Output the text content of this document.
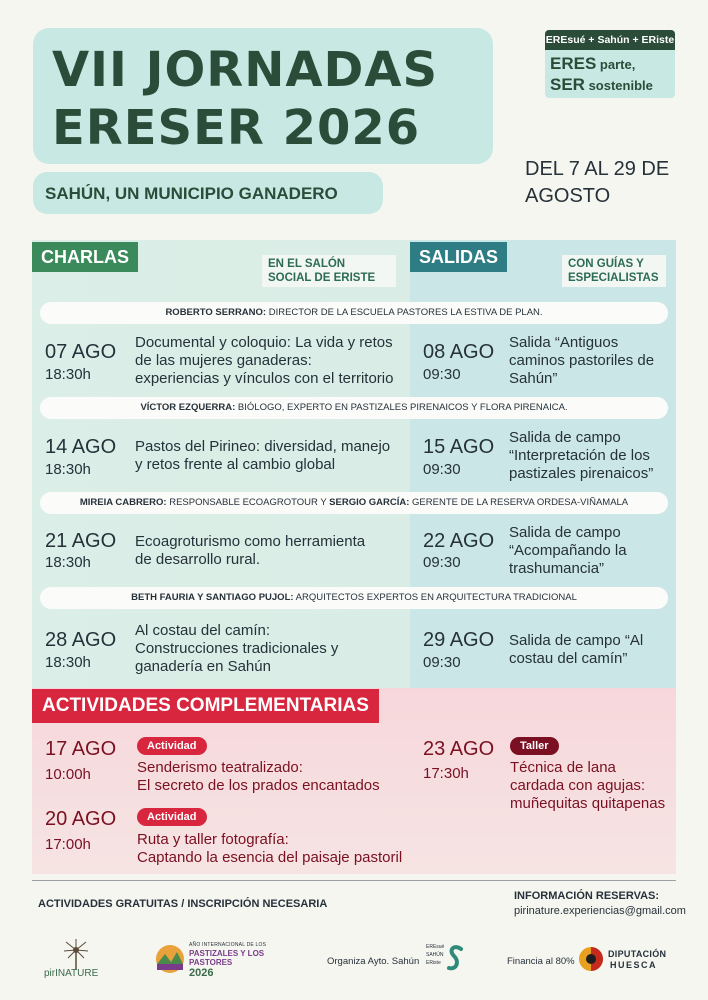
VII JORNADAS
ERESER 2026
SAHÚN, UN MUNICIPIO GANADERO
EREsué + Sahún + ERiste
ERES parte,
SER sostenible
DEL 7 AL 29 DE AGOSTO
CHARLAS	EN EL SALÓN SOCIAL DE ERISTE
SALIDAS	CON GUÍAS Y ESPECIALISTAS
ROBERTO SERRANO: DIRECTOR DE LA ESCUELA PASTORES LA ESTIVA DE PLAN.
07 AGO
18:30h
Documental y coloquio: La vida y retos de las mujeres ganaderas: experiencias y vínculos con el territorio
08 AGO
09:30
Salida “Antiguos caminos pastoriles de Sahún”
VÍCTOR EZQUERRA: BIÓLOGO, EXPERTO EN PASTIZALES PIRENAICOS Y FLORA PIRENAICA.
14 AGO
18:30h
Pastos del Pirineo: diversidad, manejo y retos frente al cambio global
15 AGO
09:30
Salida de campo “Interpretación de los pastizales pirenaicos”
MIREIA CABRERO: RESPONSABLE ECOAGROTOUR Y SERGIO GARCÍA: GERENTE DE LA RESERVA ORDESA-VIÑAMALA
21 AGO
18:30h
Ecoagroturismo como herramienta de desarrollo rural.
22 AGO
09:30
Salida de campo “Acompañando la trashumancia”
BETH FAURIA Y SANTIAGO PUJOL: ARQUITECTOS EXPERTOS EN ARQUITECTURA TRADICIONAL
28 AGO
18:30h
Al costau del camín: Construcciones tradicionales y ganadería en Sahún
29 AGO
09:30
Salida de campo “Al costau del camín”
ACTIVIDADES COMPLEMENTARIAS
17 AGO
10:00h
Actividad
Senderismo teatralizado:
El secreto de los prados encantados
20 AGO
17:00h
Actividad
Ruta y taller fotografía:
Captando la esencia del paisaje pastoril
23 AGO
17:30h
Taller
Técnica de lana
cardada con agujas:
muñequitas quitapenas
ACTIVIDADES GRATUITAS / INSCRIPCIÓN NECESARIA
INFORMACIÓN RESERVAS:
pirinature.experiencias@gmail.com
pirINATURE
AÑO INTERNACIONAL DE LOS
PASTIZALES Y LOS
PASTORES
2026
Organiza Ayto. Sahún
EREsué
SAHÚN
ERiste	Financia al 80%
DIPUTACIÓN
HUESCA
